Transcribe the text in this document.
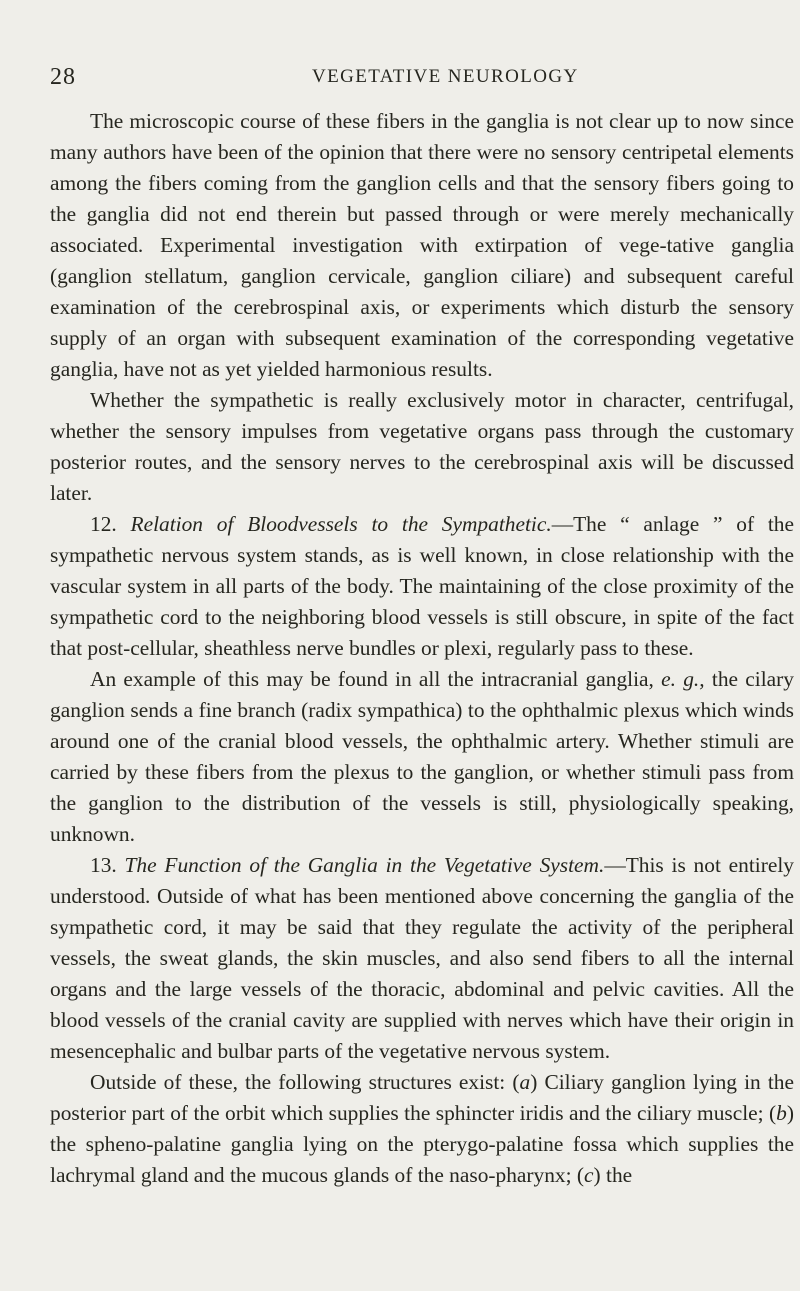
28	VEGETATIVE NEUROLOGY

The microscopic course of these fibers in the ganglia is not clear up to now since many authors have been of the opinion that there were no sensory centripetal elements among the fibers coming from the ganglion cells and that the sensory fibers going to the ganglia did not end therein but passed through or were merely mechanically associated. Experimental investigation with extirpation of vege-tative ganglia (ganglion stellatum, ganglion cervicale, ganglion ciliare) and subsequent careful examination of the cerebrospinal axis, or experiments which disturb the sensory supply of an organ with subsequent examination of the corresponding vegetative ganglia, have not as yet yielded harmonious results.

Whether the sympathetic is really exclusively motor in character, centrifugal, whether the sensory impulses from vegetative organs pass through the customary posterior routes, and the sensory nerves to the cerebrospinal axis will be discussed later.

12. Relation of Bloodvessels to the Sympathetic.—The “ anlage ” of the sympathetic nervous system stands, as is well known, in close relationship with the vascular system in all parts of the body. The maintaining of the close proximity of the sympathetic cord to the neighboring blood vessels is still obscure, in spite of the fact that post-cellular, sheathless nerve bundles or plexi, regularly pass to these.

An example of this may be found in all the intracranial ganglia, e. g., the cilary ganglion sends a fine branch (radix sympathica) to the ophthalmic plexus which winds around one of the cranial blood vessels, the ophthalmic artery. Whether stimuli are carried by these fibers from the plexus to the ganglion, or whether stimuli pass from the ganglion to the distribution of the vessels is still, physiologically speaking, unknown.

13. The Function of the Ganglia in the Vegetative System.—This is not entirely understood. Outside of what has been mentioned above concerning the ganglia of the sympathetic cord, it may be said that they regulate the activity of the peripheral vessels, the sweat glands, the skin muscles, and also send fibers to all the internal organs and the large vessels of the thoracic, abdominal and pelvic cavities. All the blood vessels of the cranial cavity are supplied with nerves which have their origin in mesencephalic and bulbar parts of the vegetative nervous system.

Outside of these, the following structures exist: (a) Ciliary ganglion lying in the posterior part of the orbit which supplies the sphincter iridis and the ciliary muscle; (b) the spheno-palatine ganglia lying on the pterygo-palatine fossa which supplies the lachrymal gland and the mucous glands of the naso-pharynx; (c) the
